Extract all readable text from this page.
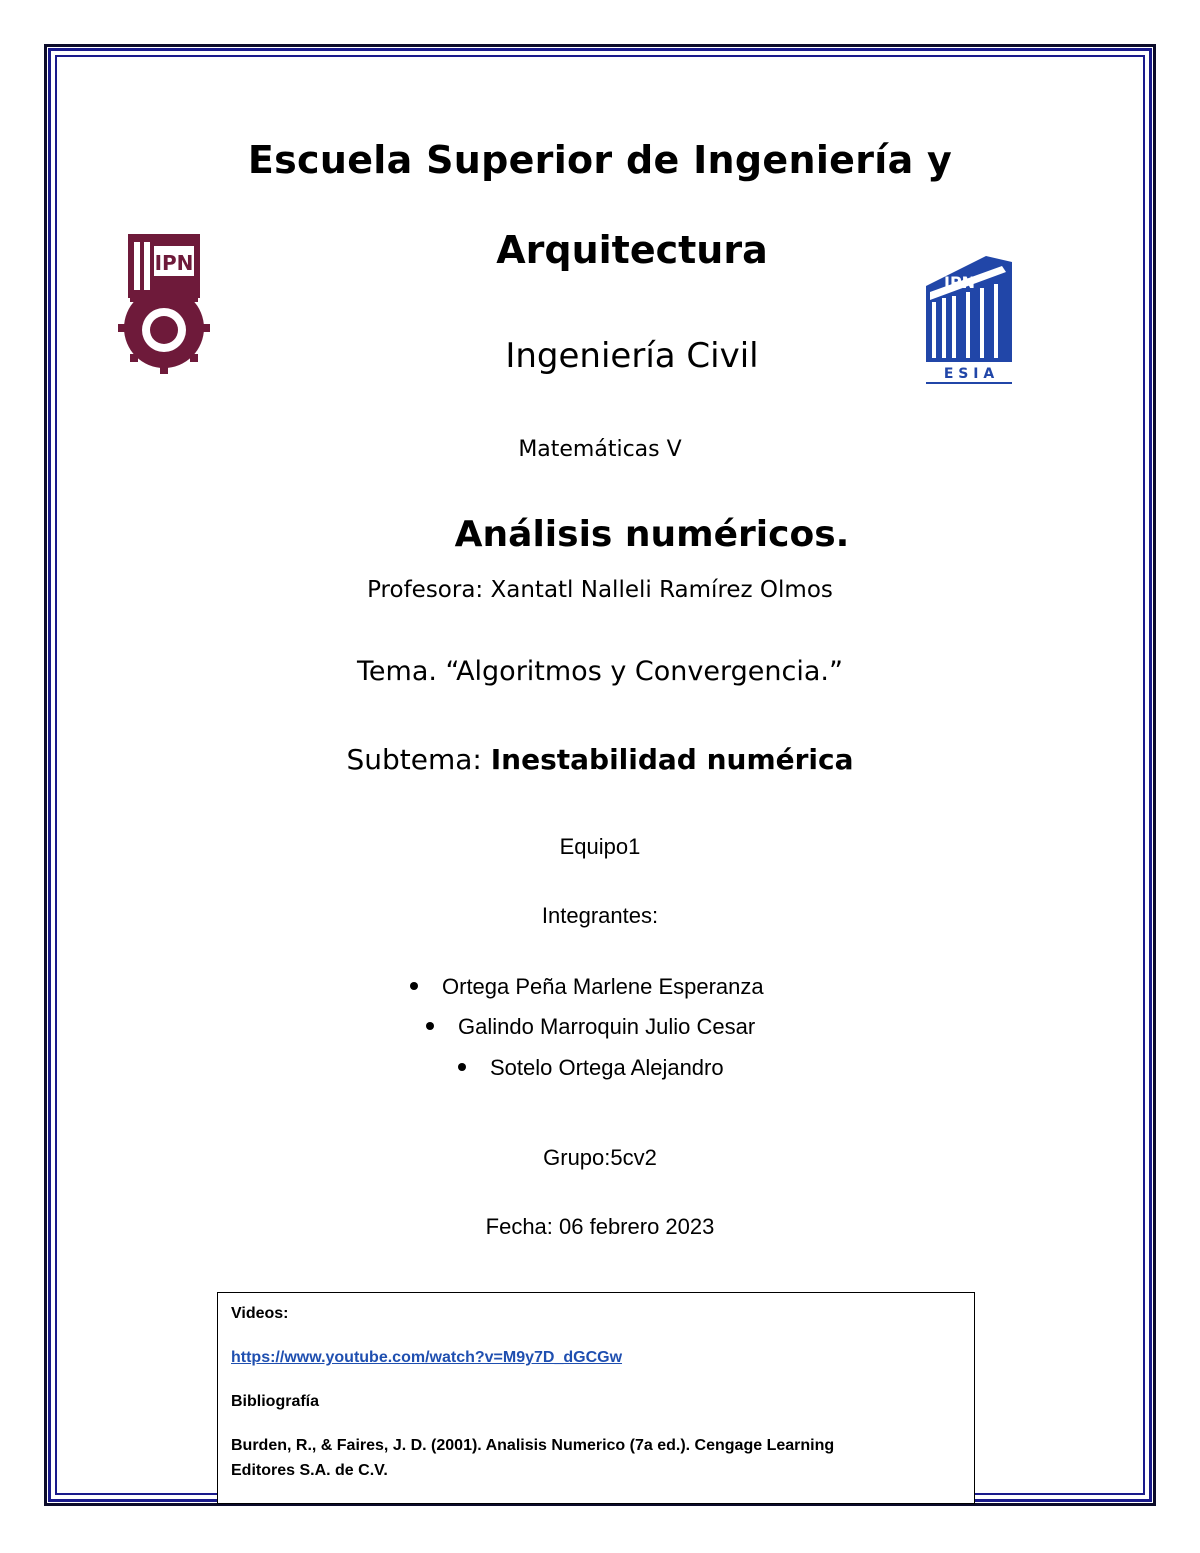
IPN
IPN
E S I A
Escuela Superior de Ingeniería y
Arquitectura
Ingeniería Civil
Matemáticas V
Análisis numéricos.
Profesora: Xantatl Nalleli Ramírez Olmos
Tema. “Algoritmos y Convergencia.”
Subtema: Inestabilidad numérica
Equipo1
Integrantes:
Ortega Peña Marlene Esperanza
Galindo Marroquin Julio Cesar
Sotelo Ortega Alejandro
Grupo:5cv2
Fecha: 06 febrero 2023
Videos:
https://www.youtube.com/watch?v=M9y7D_dGCGw
Bibliografía
Burden, R., & Faires, J. D. (2001). Analisis Numerico (7a ed.). Cengage Learning
Editores S.A. de C.V.
